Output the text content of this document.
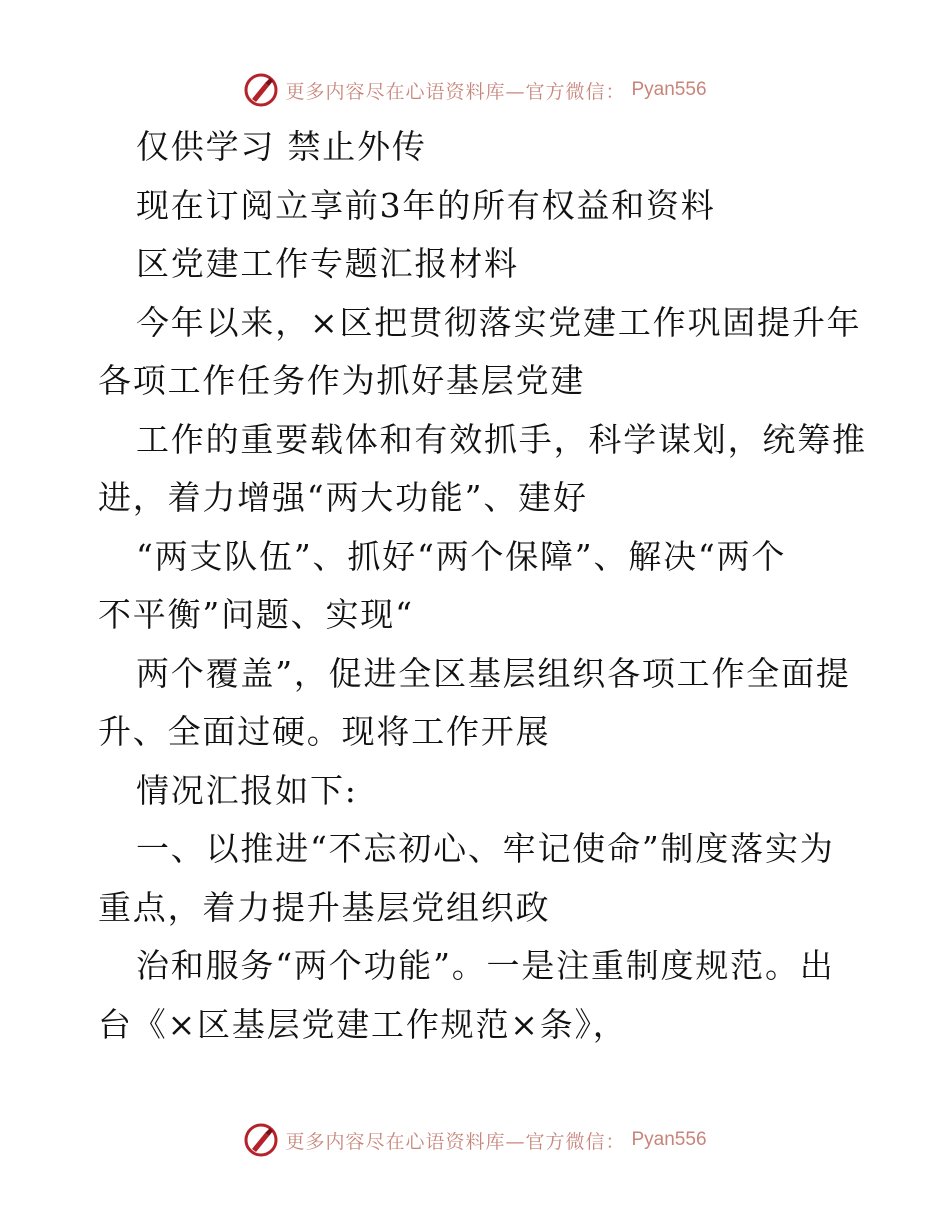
更多内容尽在心语资料库—官方微信： Pyan556

仅供学习 禁止外传

现在订阅立享前3年的所有权益和资料

区党建工作专题汇报材料

今年以来，×区把贯彻落实党建工作巩固提升年

各项工作任务作为抓好基层党建

工作的重要载体和有效抓手，科学谋划，统筹推

进，着力增强“两大功能”、建好

“两支队伍”、抓好“两个保障”、解决“两个

不平衡”问题、实现“

两个覆盖”，促进全区基层组织各项工作全面提

升、全面过硬。现将工作开展

情况汇报如下:

一、以推进“不忘初心、牢记使命”制度落实为

重点，着力提升基层党组织政

治和服务“两个功能”。一是注重制度规范。出

台《×区基层党建工作规范×条》，

更多内容尽在心语资料库—官方微信： Pyan556
